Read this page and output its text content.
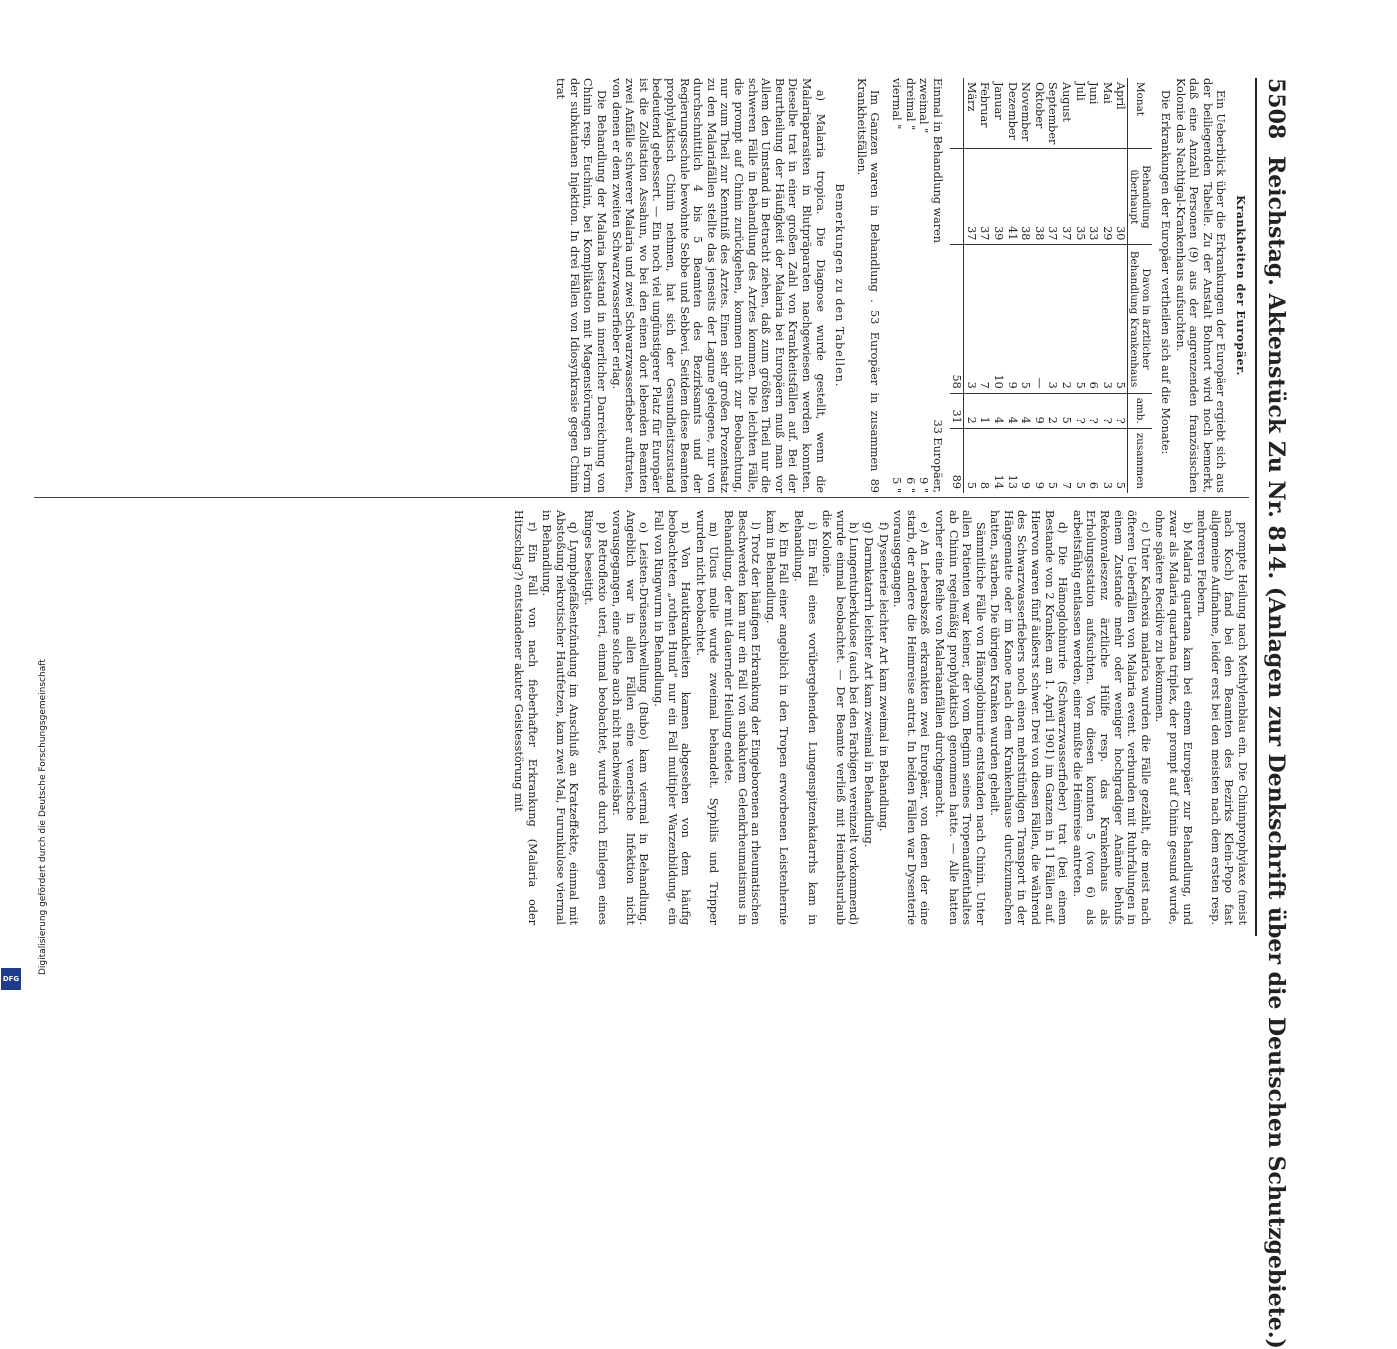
5508
Reichstag. Aktenstück Zu Nr. 814. (Anlagen zur Denkschrift über die Deutschen Schutzgebiete.)
Krankheiten der Europäer.

Ein Ueberblick über die Erkrankungen der Europäer ergiebt sich aus der beiliegenden Tabelle. Zu der Anstalt Bohnort wird noch bemerkt, daß eine Anzahl Personen (9) aus der angrenzenden französischen Kolonie das Nachtigal-Krankenhaus aufsuchten.

Die Erkrankungen der Europäer vertheilen sich auf die Monate:

Monat	Behandlung überhaupt	Davon in ärztlicher Behandlung Krankenhaus	amb.	zusammen
April	30	5	?	5
Mai	29	3	?	3
Juni	33	6	?	6
Juli	35	5	?	5
August	37	2	5	7
September	37	3	2	5
Oktober	38	—	9	9
November	38	5	4	9
Dezember	41	9	4	13
Januar	39	10	4	14
Februar	37	7	1	8
März	37	3	2	5
		58	31	89
Einmal in Behandlung waren
33 Europäer,
zweimal "
9 "
dreimal "
6 "
viermal "
5 "

Im Ganzen waren in Behandlung . 53 Europäer in zusammen 89 Krankheitsfällen.

Bemerkungen zu den Tabellen.

a) Malaria tropica. Die Diagnose wurde gestellt, wenn die Malariaparasiten in Blutpräparaten nachgewiesen werden konnten. Dieselbe trat in einer großen Zahl von Krankheitsfällen auf. Bei der Beurtheilung der Häufigkeit der Malaria bei Europäern muß man vor Allem den Umstand in Betracht ziehen, daß zum größten Theil nur die schweren Fälle in Behandlung des Arztes kommen. Die leichten Fälle, die prompt auf Chinin zurückgehen, kommen nicht zur Beobachtung, nur zum Theil zur Kenntniß des Arztes. Einen sehr großen Prozentsatz zu den Malariafällen stellte das jenseits der Lagune gelegene, nur von durchschnittlich 4 bis 5 Beamten des Bezirksamts und der Regierungsschule bewohnte Sebbe und Sebbevi. Seitdem diese Beamten prophylaktisch Chinin nehmen, hat sich der Gesundheitszustand bedeutend gebessert. — Ein noch viel ungünstigerer Platz für Europäer ist die Zollstation Assahun, wo bei den einen dort lebenden Beamten zwei Anfälle schwerer Malaria und zwei Schwarzwasserfieber auftraten, von denen er dem zweiten Schwarzwasserfieber erlag.

Die Behandlung der Malaria bestand in innerlicher Darreichung von Chinin resp. Euchinin, bei Komplikation mit Magenstörungen in Form der subkutanen Injektion. In drei Fällen von Idiosynkrasie gegen Chinin trat

prompte Heilung nach Methylenblau ein. Die Chininprophylaxe (meist nach Koch) fand bei den Beamten des Bezirks Klein-Popo fast allgemeine Aufnahme, leider erst bei den meisten nach dem ersten resp. mehreren Fiebern.

b) Malaria quartana kam bei einem Europäer zur Behandlung, und zwar als Malaria quartana triplex, der prompt auf Chinin gesund wurde, ohne spätere Recidive zu bekommen.

c) Unter Kachexia malarica wurden die Fälle gezählt, die meist nach öfteren Ueberfällen von Malaria event. verbunden mit Ruhrfalungen in einem Zustande mehr oder weniger hochgradiger Anämie behufs Rekonvaleszenz ärztliche Hülfe resp. das Krankenhaus als Erholungsstation aufsuchten. Von diesen konnten 5 (von 6) als arbeitsfähig entlassen werden, einer mußte die Heimreise antreten.

d) Die Hämoglobinurie (Schwarzwasserfieber) trat (bei einem Bestande von 2 Kranken am 1. April 1901) im Ganzen in 11 Fällen auf. Hiervon waren fünf äußerst schwer. Drei von diesen Fällen, die während des Schwarzwasserfiebers noch einen mehrstündigen Transport in der Hängematte oder im Kanoe nach dem Krankenhause durchzumachen hatten, starben. Die übrigen Kranken wurden geheilt.

Sämmtliche Fälle von Hämoglobinurie entstanden nach Chinin. Unter allen Patienten war keiner, der vom Beginn seines Tropenaufenthaltes ab Chinin regelmäßig prophylaktisch genommen hatte. — Alle hatten vorher eine Reihe von Malariaanfällen durchgemacht.

e) An Leberabszeß erkrankten zwei Europäer, von denen der eine starb, der andere die Heimreise antrat. In beiden Fällen war Dysenterie vorausgegangen.

f) Dysenterie leichter Art kam zweimal in Behandlung.

g) Darmkatarrh leichter Art kam zweimal in Behandlung.

h) Lungentuberkulose (auch bei den Farbigen vereinzelt vorkommend) wurde einmal beobachtet. — Der Beamte verließ mit Heimathsurlaub die Kolonie.

i) Ein Fall eines vorübergehenden Lungenspitzenkatarrhs kam in Behandlung.

k) Ein Fall einer angeblich in den Tropen erworbenen Leistenhernie kam in Behandlung.

l) Trotz der häufigen Erkrankung der Eingeborenen an rheumatischen Beschwerden kam nur ein Fall von subakutem Gelenkrheumatismus in Behandlung, der mit dauernder Heilung endete.

m) Ulcus molle wurde zweimal behandelt. Syphilis und Tripper wurden nicht beobachtet.

n) Von Hautkrankheiten kamen abgesehen von dem häufig beobachteten „rothen Hund“ nur ein Fall multipler Warzenbildung, ein Fall von Ringwurm in Behandlung.

o) Leisten-Drüsenschwellung (Bubo) kam viermal in Behandlung. Angeblich war in allen Fällen eine venerische Infektion nicht vorausgegangen, eine solche auch nicht nachweisbar.

p) Retroflexio uteri, einmal beobachtet, wurde durch Einlegen eines Ringes beseitigt.

q) Lymphgefäßentzündung im Anschluß an Kratzeffekte, einmal mit Abstoßung nekrotischer Hautfetzen, kam zwei Mal, Furunkulose viermal in Behandlung.

r) Ein Fall von nach fieberhafter Erkrankung (Malaria oder Hitzschlag?) entstandener akuter Geistesstörung mit

Digitalisierung gefördert durch die Deutsche Forschungsgemeinschaft
DFG
